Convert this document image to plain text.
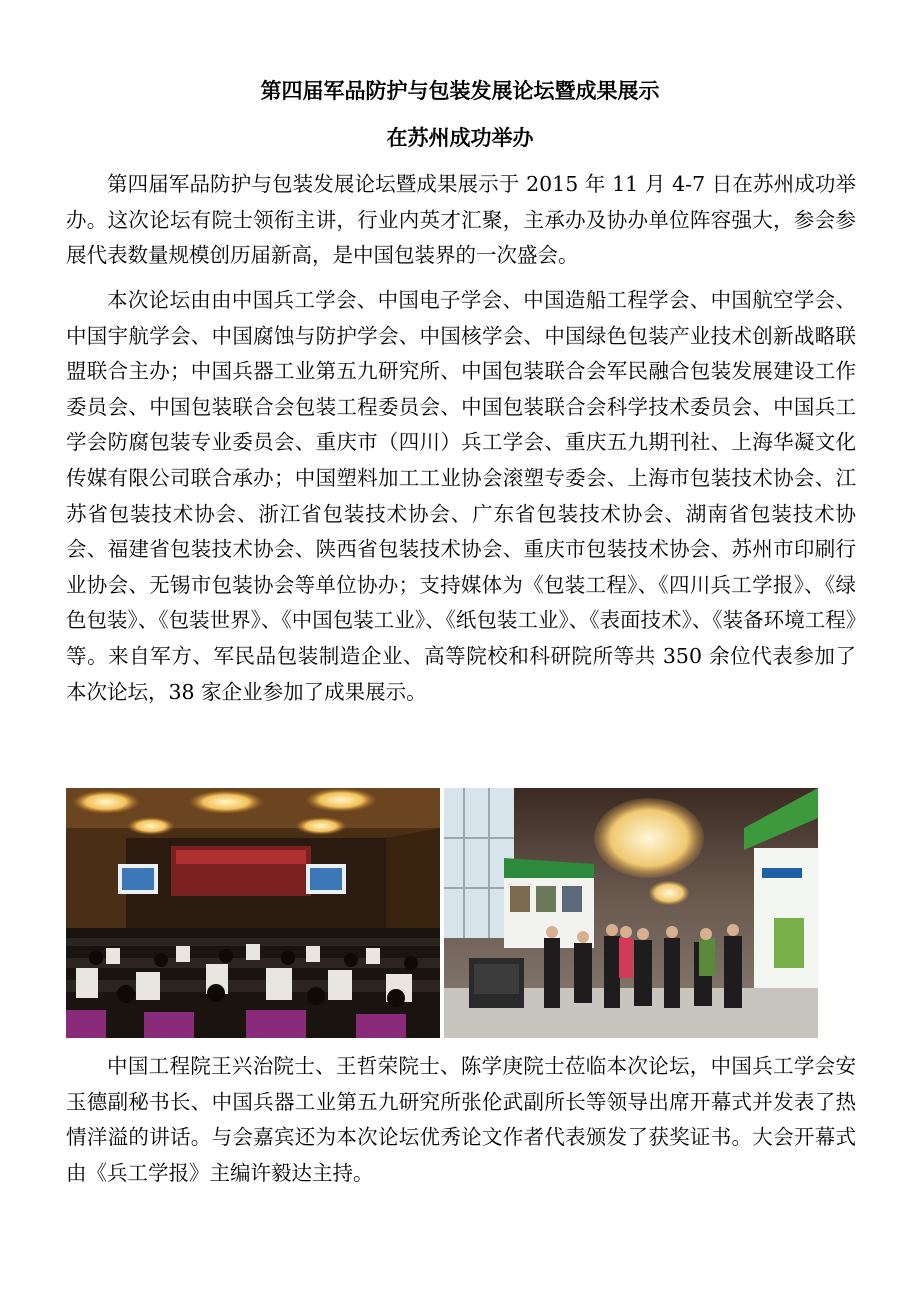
第四届军品防护与包装发展论坛暨成果展示
在苏州成功举办

第四届军品防护与包装发展论坛暨成果展示于 2015 年 11 月 4-7 日在苏州成功举办。这次论坛有院士领衔主讲，行业内英才汇聚，主承办及协办单位阵容强大，参会参展代表数量规模创历届新高，是中国包装界的一次盛会。

本次论坛由由中国兵工学会、中国电子学会、中国造船工程学会、中国航空学会、中国宇航学会、中国腐蚀与防护学会、中国核学会、中国绿色包装产业技术创新战略联盟联合主办；中国兵器工业第五九研究所、中国包装联合会军民融合包装发展建设工作委员会、中国包装联合会包装工程委员会、中国包装联合会科学技术委员会、中国兵工学会防腐包装专业委员会、重庆市（四川）兵工学会、重庆五九期刊社、上海华凝文化传媒有限公司联合承办；中国塑料加工工业协会滚塑专委会、上海市包装技术协会、江苏省包装技术协会、浙江省包装技术协会、广东省包装技术协会、湖南省包装技术协会、福建省包装技术协会、陕西省包装技术协会、重庆市包装技术协会、苏州市印刷行业协会、无锡市包装协会等单位协办；支持媒体为《包装工程》、《四川兵工学报》、《绿色包装》、《包装世界》、《中国包装工业》、《纸包装工业》、《表面技术》、《装备环境工程》等。来自军方、军民品包装制造企业、高等院校和科研院所等共 350 余位代表参加了本次论坛，38 家企业参加了成果展示。

中国工程院王兴治院士、王哲荣院士、陈学庚院士莅临本次论坛，中国兵工学会安玉德副秘书长、中国兵器工业第五九研究所张伦武副所长等领导出席开幕式并发表了热情洋溢的讲话。与会嘉宾还为本次论坛优秀论文作者代表颁发了获奖证书。大会开幕式由《兵工学报》主编许毅达主持。
